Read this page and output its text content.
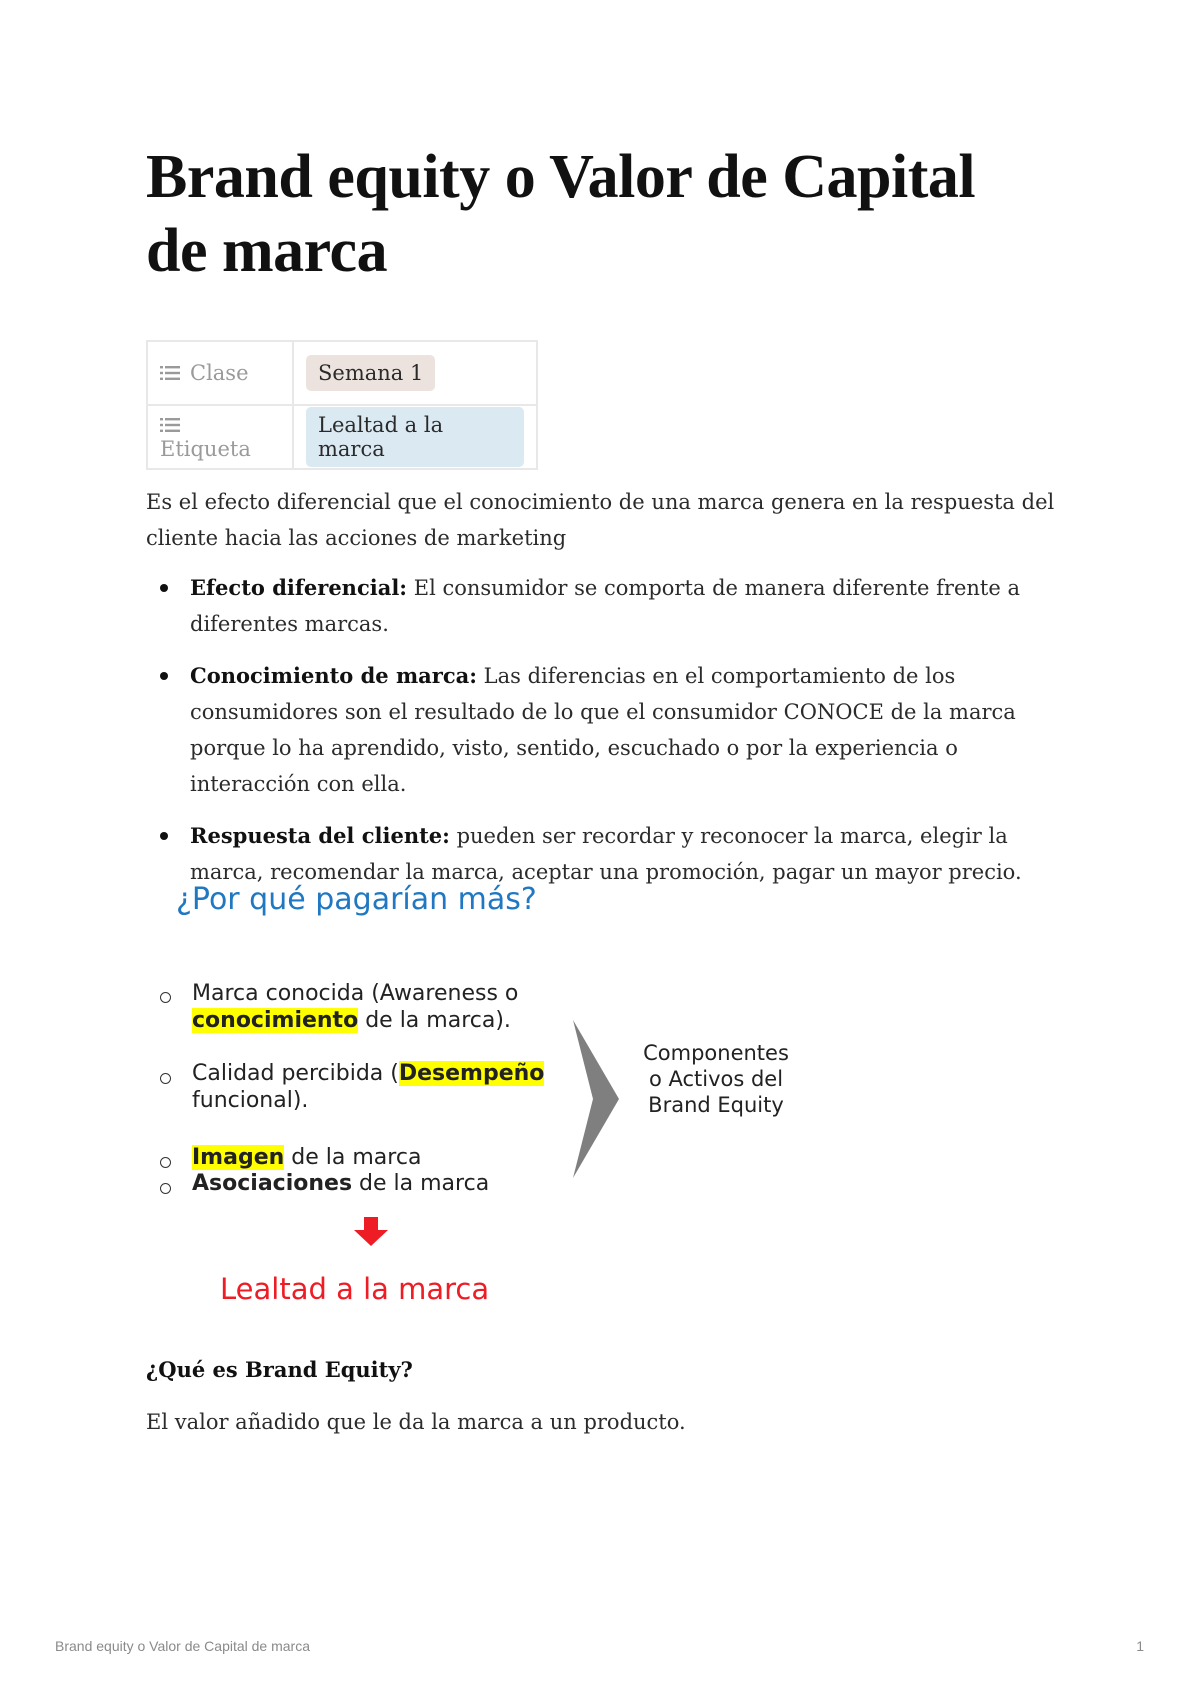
Brand equity o Valor de Capital de marca
Clase	Semana 1
Etiqueta	Lealtad a la marca

Es el efecto diferencial que el conocimiento de una marca genera en la respuesta del cliente hacia las acciones de marketing

Efecto diferencial: El consumidor se comporta de manera diferente frente a diferentes marcas.
Conocimiento de marca: Las diferencias en el comportamiento de los consumidores son el resultado de lo que el consumidor CONOCE de la marca porque lo ha aprendido, visto, sentido, escuchado o por la experiencia o interacción con ella.
Respuesta del cliente: pueden ser recordar y reconocer la marca, elegir la marca, recomendar la marca, aceptar una promoción, pagar un mayor precio.
¿Por qué pagarían más?
Marca conocida (Awareness o
conocimiento de la marca).
Calidad percibida (Desempeño
funcional).
Imagen de la marca
Asociaciones de la marca
Componentes
o Activos del
Brand Equity
Lealtad a la marca

¿Qué es Brand Equity?

El valor añadido que le da la marca a un producto.

Brand equity o Valor de Capital de marca	1
